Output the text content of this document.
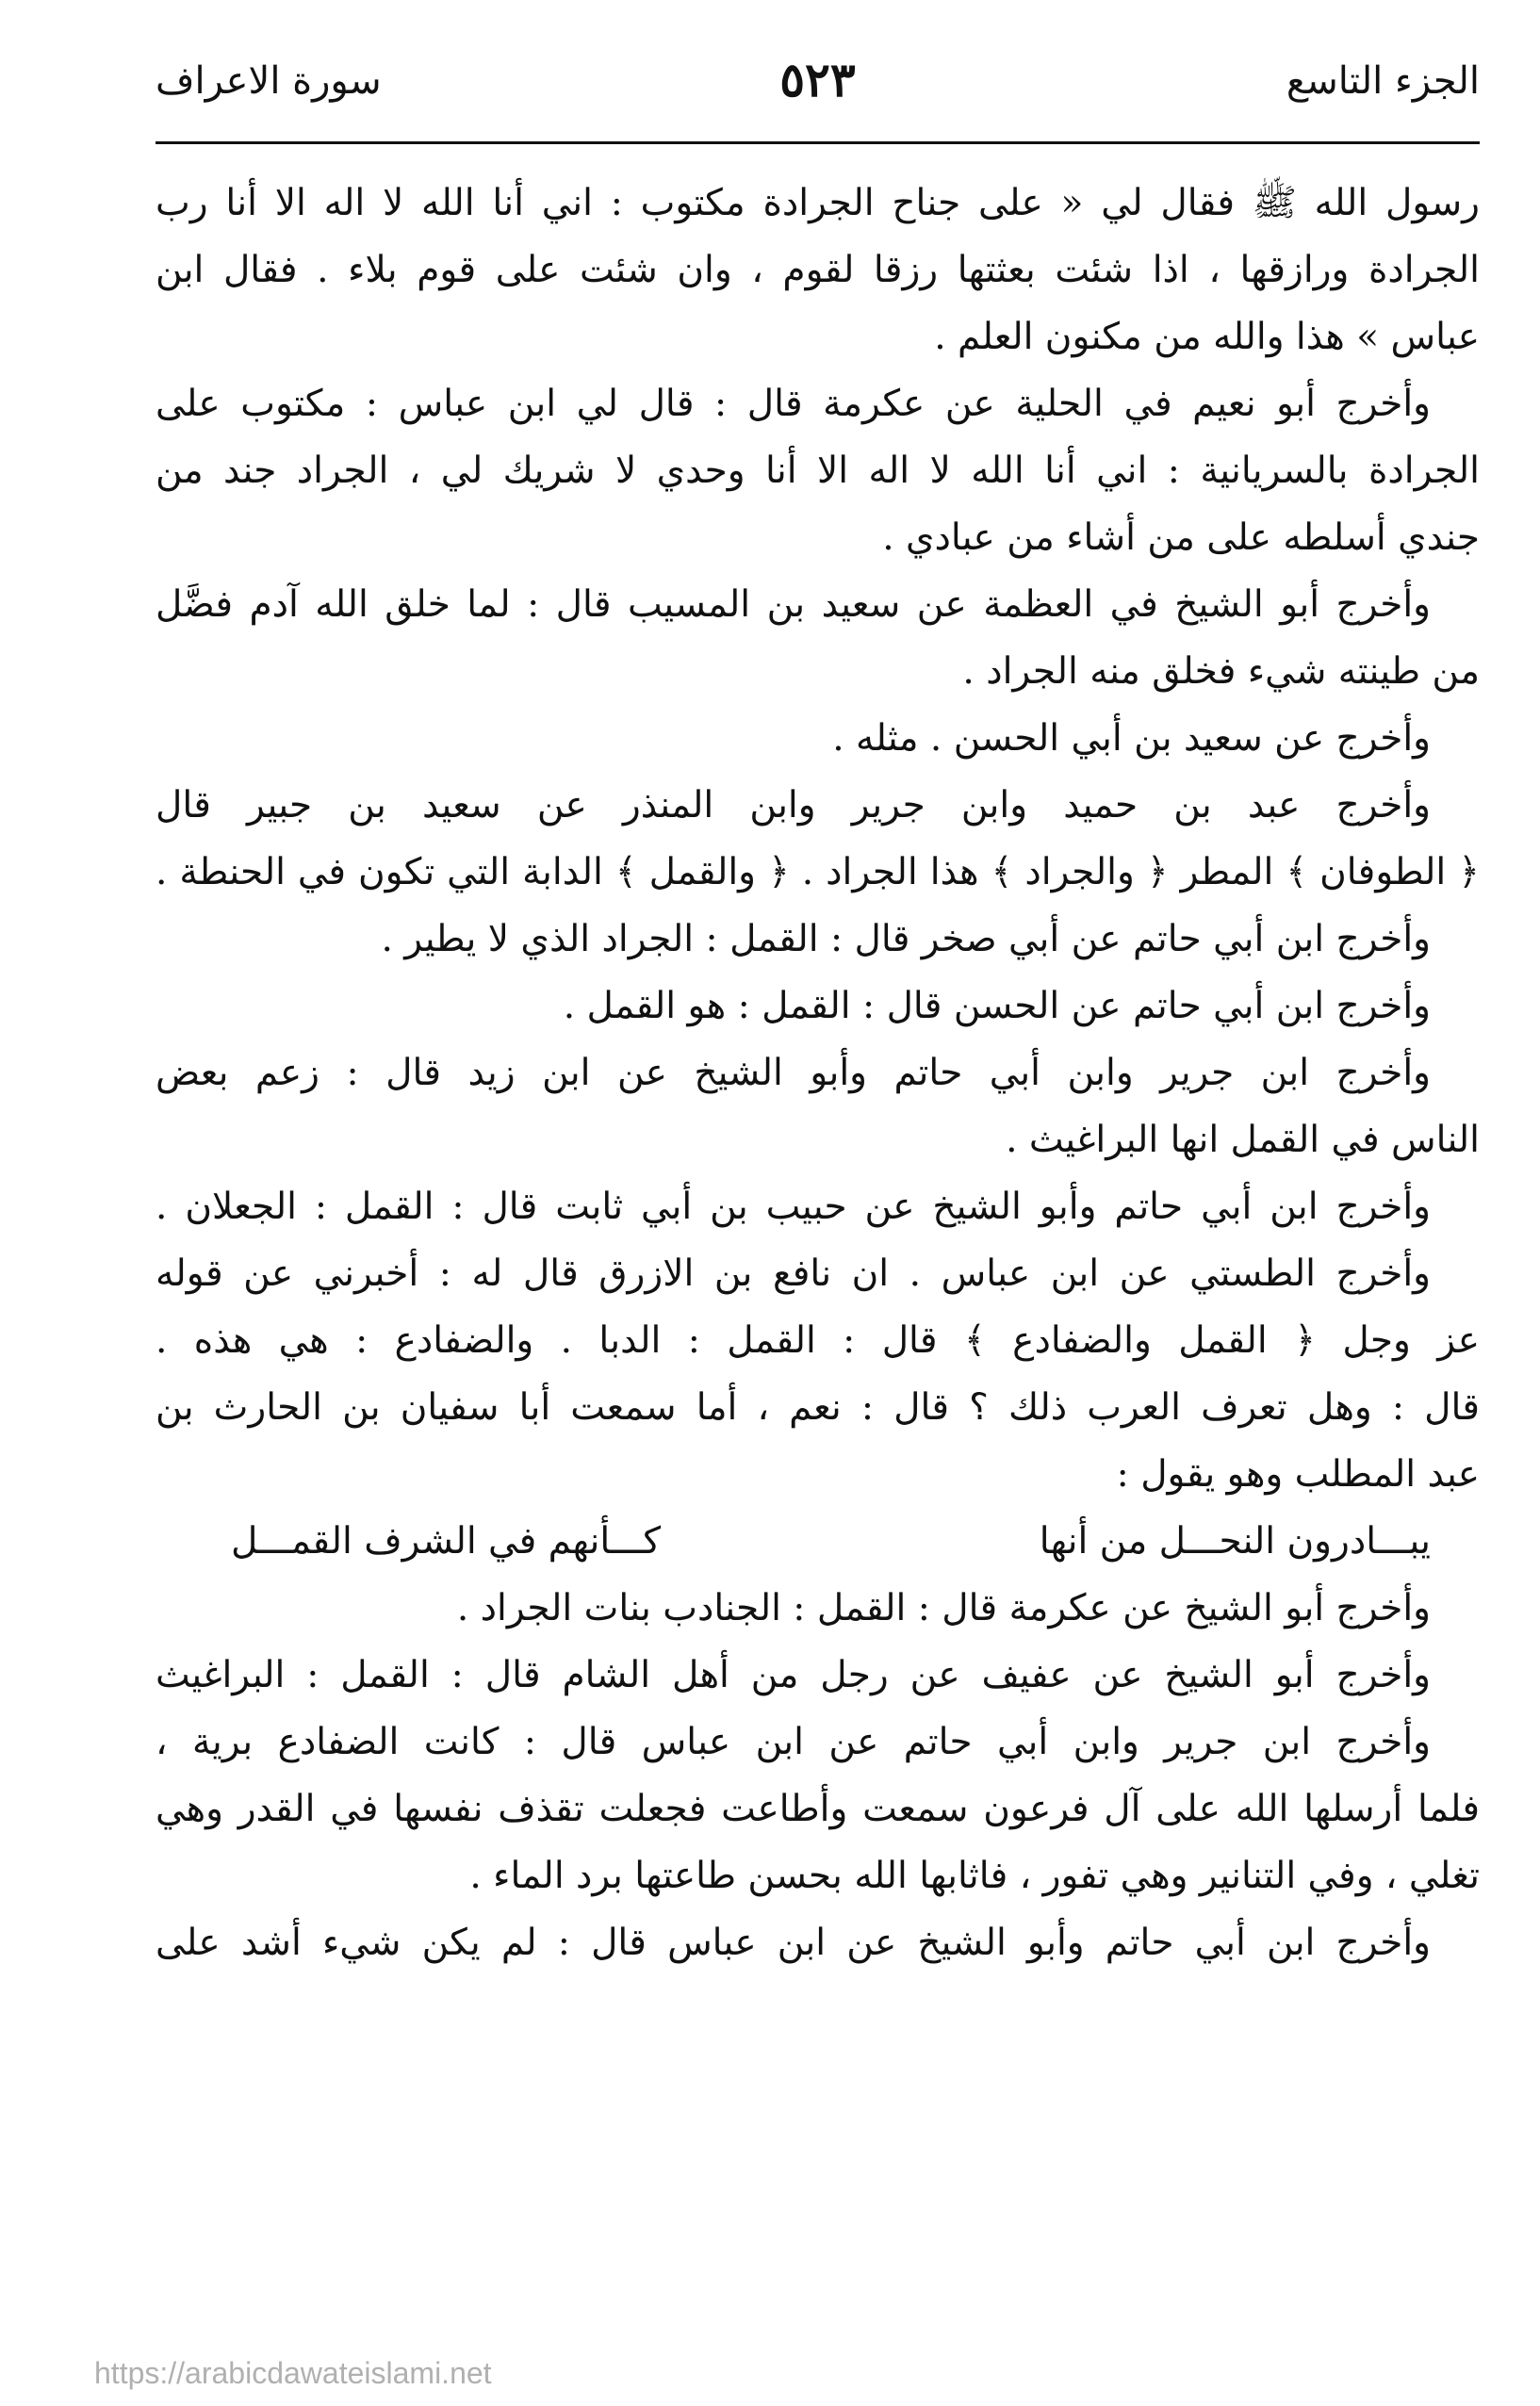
الجزء التاسع
٥٢٣
سورة الاعراف
رسول الله ﷺ فقال لي « على جناح الجرادة مكتوب : اني أنا الله لا اله الا أنا رب
الجرادة ورازقها ، اذا شئت بعثتها رزقا لقوم ، وان شئت على قوم بلاء . فقال ابن
عباس » هذا والله من مكنون العلم .
وأخرج أبو نعيم في الحلية عن عكرمة قال : قال لي ابن عباس : مكتوب على
الجرادة بالسريانية : اني أنا الله لا اله الا أنا وحدي لا شريك لي ، الجراد جند من
جندي أسلطه على من أشاء من عبادي .
وأخرج أبو الشيخ في العظمة عن سعيد بن المسيب قال : لما خلق الله آدم فضَّل
من طينته شيء فخلق منه الجراد .
وأخرج عن سعيد بن أبي الحسن . مثله .
وأخرج عبد بن حميد وابن جرير وابن المنذر عن سعيد بن جبير قال
﴿ الطوفان ﴾ المطر ﴿ والجراد ﴾ هذا الجراد . ﴿ والقمل ﴾ الدابة التي تكون في الحنطة .
وأخرج ابن أبي حاتم عن أبي صخر قال : القمل : الجراد الذي لا يطير .
وأخرج ابن أبي حاتم عن الحسن قال : القمل : هو القمل .
وأخرج ابن جرير وابن أبي حاتم وأبو الشيخ عن ابن زيد قال : زعم بعض
الناس في القمل انها البراغيث .
وأخرج ابن أبي حاتم وأبو الشيخ عن حبيب بن أبي ثابت قال : القمل : الجعلان .
وأخرج الطستي عن ابن عباس . ان نافع بن الازرق قال له : أخبرني عن قوله
عز وجل ﴿ القمل والضفادع ﴾ قال : القمل : الدبا . والضفادع : هي هذه .
قال : وهل تعرف العرب ذلك ؟ قال : نعم ، أما سمعت أبا سفيان بن الحارث بن
عبد المطلب وهو يقول :
يبـــادرون النحـــل من أنها
كـــأنهم في الشرف القمـــل
وأخرج أبو الشيخ عن عكرمة قال : القمل : الجنادب بنات الجراد .
وأخرج أبو الشيخ عن عفيف عن رجل من أهل الشام قال : القمل : البراغيث
وأخرج ابن جرير وابن أبي حاتم عن ابن عباس قال : كانت الضفادع برية ،
فلما أرسلها الله على آل فرعون سمعت وأطاعت فجعلت تقذف نفسها في القدر وهي
تغلي ، وفي التنانير وهي تفور ، فاثابها الله بحسن طاعتها برد الماء .
وأخرج ابن أبي حاتم وأبو الشيخ عن ابن عباس قال : لم يكن شيء أشد على
https://arabicdawateislami.net
